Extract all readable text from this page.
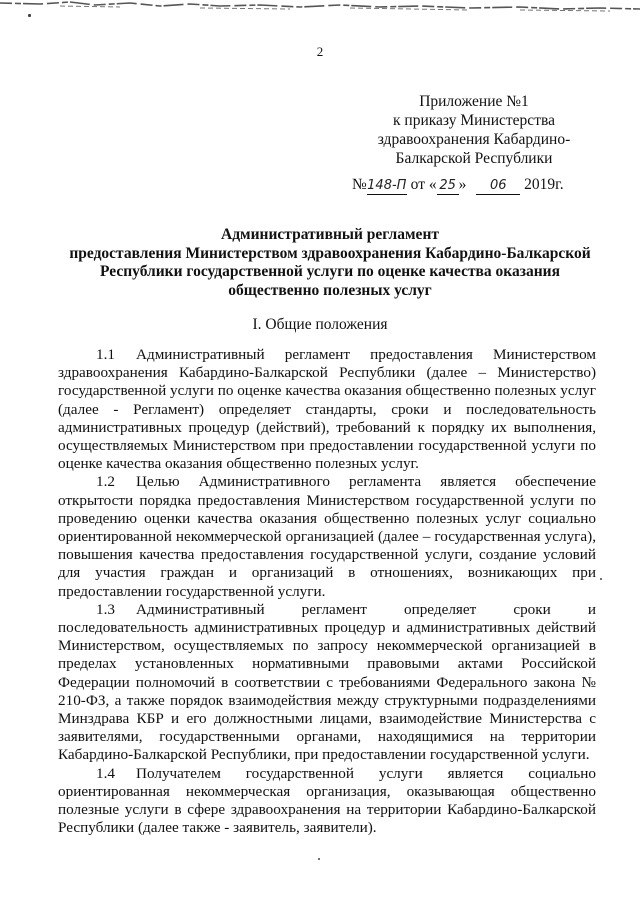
2
Приложение №1
к приказу Министерства
здравоохранения Кабардино-
Балкарской Республики
№148-П от « 25 » 06 2019г.
Административный регламент
предоставления Министерством здравоохранения Кабардино-Балкарской
Республики государственной услуги по оценке качества оказания
общественно полезных услуг
I. Общие положения

1.1 Административный регламент предоставления Министерством здравоохранения Кабардино-Балкарской Республики (далее – Министерство) государственной услуги по оценке качества оказания общественно полезных услуг (далее - Регламент) определяет стандарты, сроки и последовательность административных процедур (действий), требований к порядку их выполнения, осуществляемых Министерством при предоставлении государственной услуги по оценке качества оказания общественно полезных услуг.

1.2 Целью Административного регламента является обеспечение открытости порядка предоставления Министерством государственной услуги по проведению оценки качества оказания общественно полезных услуг социально ориентированной некоммерческой организацией (далее – государственная услуга), повышения качества предоставления государственной услуги, создание условий для участия граждан и организаций в отношениях, возникающих при предоставлении государственной услуги.

1.3 Административный регламент определяет сроки и последовательность административных процедур и административных действий Министерством, осуществляемых по запросу некоммерческой организацией в пределах установленных нормативными правовыми актами Российской Федерации полномочий в соответствии с требованиями Федерального закона № 210-ФЗ, а также порядок взаимодействия между структурными подразделениями Минздрава КБР и его должностными лицами, взаимодействие Министерства с заявителями, государственными органами, находящимися на территории Кабардино-Балкарской Республики, при предоставлении государственной услуги.

1.4 Получателем государственной услуги является социально ориентированная некоммерческая организация, оказывающая общественно полезные услуги в сфере здравоохранения на территории Кабардино-Балкарской Республики (далее также - заявитель, заявители).
